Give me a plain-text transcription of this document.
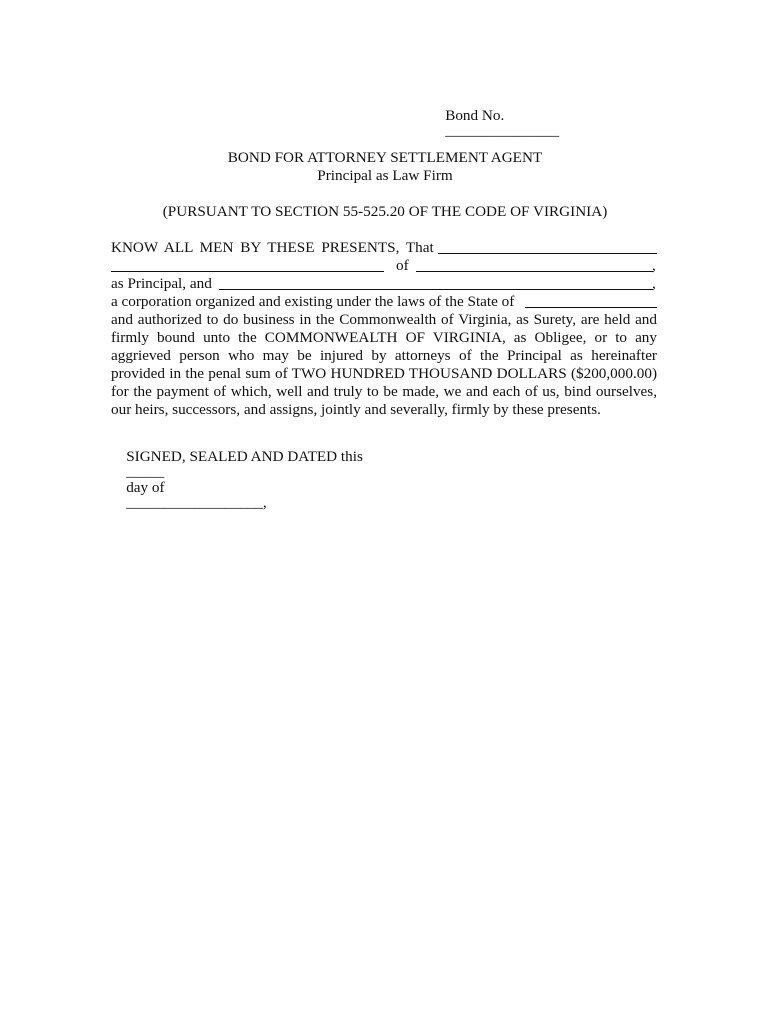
Bond No.
_______________

BOND FOR ATTORNEY SETTLEMENT AGENT
Principal as Law Firm
(PURSUANT TO SECTION 55-525.20 OF THE CODE OF VIRGINIA)
KNOW ALL MEN BY THESE PRESENTS, That
of	,
as Principal, and	,
a corporation organized and existing under the laws of the State of
and authorized to do business in the Commonwealth of Virginia, as Surety, are held and
firmly bound unto the COMMONWEALTH OF VIRGINIA, as Obligee, or to any
aggrieved person who may be injured by attorneys of the Principal as hereinafter
provided in the penal sum of TWO HUNDRED THOUSAND DOLLARS ($200,000.00)
for the payment of which, well and truly to be made, we and each of us, bind ourselves,
our heirs, successors, and assigns, jointly and severally, firmly by these presents.

SIGNED, SEALED AND DATED this
_____
day of
__________________,
